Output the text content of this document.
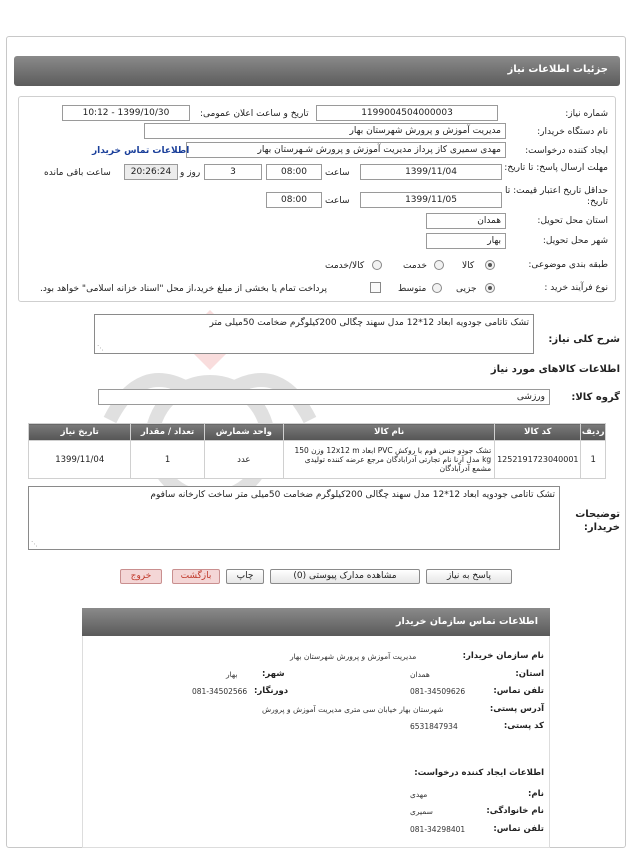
جزئیات اطلاعات نیاز
شماره نیاز:
1199004504000003
تاریخ و ساعت اعلان عمومی:
1399/10/30 - 10:12
نام دستگاه خریدار:
مدیریت آموزش و پرورش شهرستان بهار
ایجاد کننده درخواست:
مهدی سمیری کاز پرداز مدیریت آموزش و پرورش شـهرستان بهار
اطلاعات تماس خریدار
مهلت ارسال پاسخ: تا تاریخ:
1399/11/04
ساعت
08:00
3
روز و
20:26:24
ساعت باقی مانده
حداقل تاریخ اعتبار قیمت: تا تاریخ:
1399/11/05
ساعت
08:00
استان محل تحویل:
همدان
شهر محل تحویل:
بهار
طبقه بندی موضوعی:
کالا
خدمت
کالا/خدمت
نوع فرآیند خرید :
جزیی
متوسط
پرداخت تمام یا بخشی از مبلغ خرید،از محل "اسناد خزانه اسلامی" خواهد بود.
شرح کلی نیاز:
تشک تاتامی جودویه ابعاد 12*12 مدل سهند چگالی 200کیلوگرم ضخامت 50میلی متر
⋰
اطلاعات کالاهای مورد نیاز
گروه کالا:
ورزشی
ردیف	کد کالا	نام کالا	واحد شمارش	تعداد / مقدار	تاریخ نیاز
1	1252191723040001	تشک جودو جنس فوم با روکش PVC ابعاد 12x12 m وزن 150 kg مدل آرنا نام تجارتی آدرابادگان مرجع عرضه کننده تولیدی مشمع آدرآبادگان	عدد	1	1399/11/04
توضیحات خریدار:
تشک تاتامی جودویه ابعاد 12*12 مدل سهند چگالی 200کیلوگرم ضخامت 50میلی متر ساخت کارخانه سافوم
⋰
پاسخ به نیاز
مشاهده مدارک پیوستی (0)
چاپ
بازگشت
خروج
اطلاعات تماس سازمان خریدار
نام سازمان خریدار:
مدیریت آموزش و پرورش شهرستان بهار
استان:
همدان
شهر:
بهار
تلفن تماس:
081-34509626
دورنگار:
081-34502566
آدرس پستی:
شهرستان بهار خیابان سی متری مدیریت آموزش و پرورش
کد پستی:
6531847934
اطلاعات ایجاد کننده درخواست:
نام:
مهدی
نام خانوادگی:
سمیری
تلفن تماس:
081-34298401
